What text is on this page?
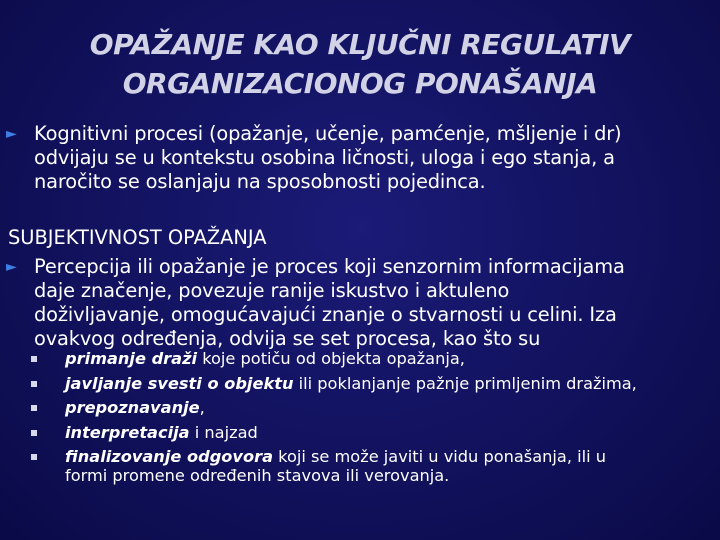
OPAŽANJE KAO KLJUČNI REGULATIV
ORGANIZACIONOG PONAŠANJA
► Kognitivni procesi (opažanje, učenje, pamćenje, mšljenje i dr)
odvijaju se u kontekstu osobina ličnosti, uloga i ego stanja, a
naročito se oslanjaju na sposobnosti pojedinca.
SUBJEKTIVNOST OPAŽANJA
► Percepcija ili opažanje je proces koji senzornim informacijama
daje značenje, povezuje ranije iskustvo i aktuleno
doživljavanje, omogućavajući znanje o stvarnosti u celini. Iza
ovakvog određenja, odvija se set procesa, kao što su
primanje draži koje potiču od objekta opažanja,
javljanje svesti o objektu ili poklanjanje pažnje primljenim dražima,
prepoznavanje,
interpretacija i najzad
finalizovanje odgovora koji se može javiti u vidu ponašanja, ili u
formi promene određenih stavova ili verovanja.
